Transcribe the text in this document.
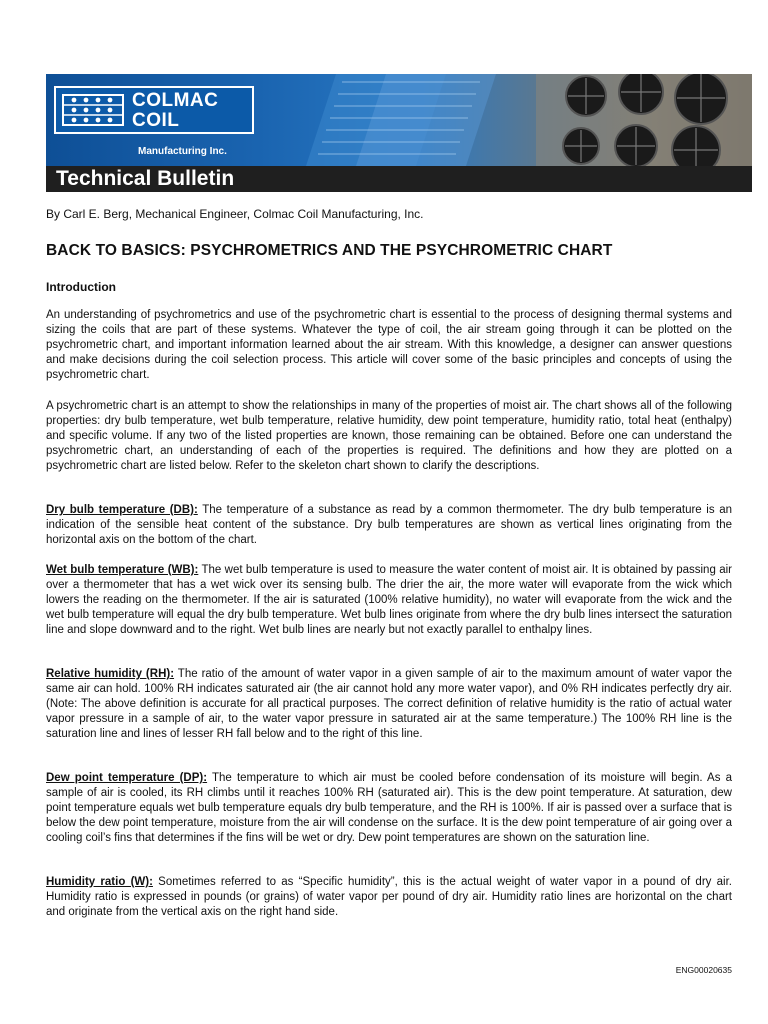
COLMAC
COIL
Manufacturing Inc.
Technical Bulletin
By Carl E. Berg, Mechanical Engineer, Colmac Coil Manufacturing, Inc.
BACK TO BASICS: PSYCHROMETRICS AND THE PSYCHROMETRIC CHART
Introduction

An understanding of psychrometrics and use of the psychrometric chart is essential to the process of designing thermal systems and sizing the coils that are part of these systems. Whatever the type of coil, the air stream going through it can be plotted on the psychrometric chart, and important information learned about the air stream. With this knowledge, a designer can answer questions and make decisions during the coil selection process. This article will cover some of the basic principles and concepts of using the psychrometric chart.

A psychrometric chart is an attempt to show the relationships in many of the properties of moist air. The chart shows all of the following properties: dry bulb temperature, wet bulb temperature, relative humidity, dew point temperature, humidity ratio, total heat (enthalpy) and specific volume. If any two of the listed properties are known, those remaining can be obtained. Before one can understand the psychrometric chart, an understanding of each of the properties is required. The definitions and how they are plotted on a psychrometric chart are listed below. Refer to the skeleton chart shown to clarify the descriptions.

Dry bulb temperature (DB): The temperature of a substance as read by a common thermometer. The dry bulb temperature is an indication of the sensible heat content of the substance. Dry bulb temperatures are shown as vertical lines originating from the horizontal axis on the bottom of the chart.

Wet bulb temperature (WB): The wet bulb temperature is used to measure the water content of moist air. It is obtained by passing air over a thermometer that has a wet wick over its sensing bulb. The drier the air, the more water will evaporate from the wick which lowers the reading on the thermometer. If the air is saturated (100% relative humidity), no water will evaporate from the wick and the wet bulb temperature will equal the dry bulb temperature. Wet bulb lines originate from where the dry bulb lines intersect the saturation line and slope downward and to the right. Wet bulb lines are nearly but not exactly parallel to enthalpy lines.

Relative humidity (RH): The ratio of the amount of water vapor in a given sample of air to the maximum amount of water vapor the same air can hold. 100% RH indicates saturated air (the air cannot hold any more water vapor), and 0% RH indicates perfectly dry air. (Note: The above definition is accurate for all practical purposes. The correct definition of relative humidity is the ratio of actual water vapor pressure in a sample of air, to the water vapor pressure in saturated air at the same temperature.) The 100% RH line is the saturation line and lines of lesser RH fall below and to the right of this line.

Dew point temperature (DP): The temperature to which air must be cooled before condensation of its moisture will begin. As a sample of air is cooled, its RH climbs until it reaches 100% RH (saturated air). This is the dew point temperature. At saturation, dew point temperature equals wet bulb temperature equals dry bulb temperature, and the RH is 100%. If air is passed over a surface that is below the dew point temperature, moisture from the air will condense on the surface. It is the dew point temperature of air going over a cooling coil’s fins that determines if the fins will be wet or dry. Dew point temperatures are shown on the saturation line.

Humidity ratio (W): Sometimes referred to as “Specific humidity”, this is the actual weight of water vapor in a pound of dry air. Humidity ratio is expressed in pounds (or grains) of water vapor per pound of dry air. Humidity ratio lines are horizontal on the chart and originate from the vertical axis on the right hand side.

ENG00020635
